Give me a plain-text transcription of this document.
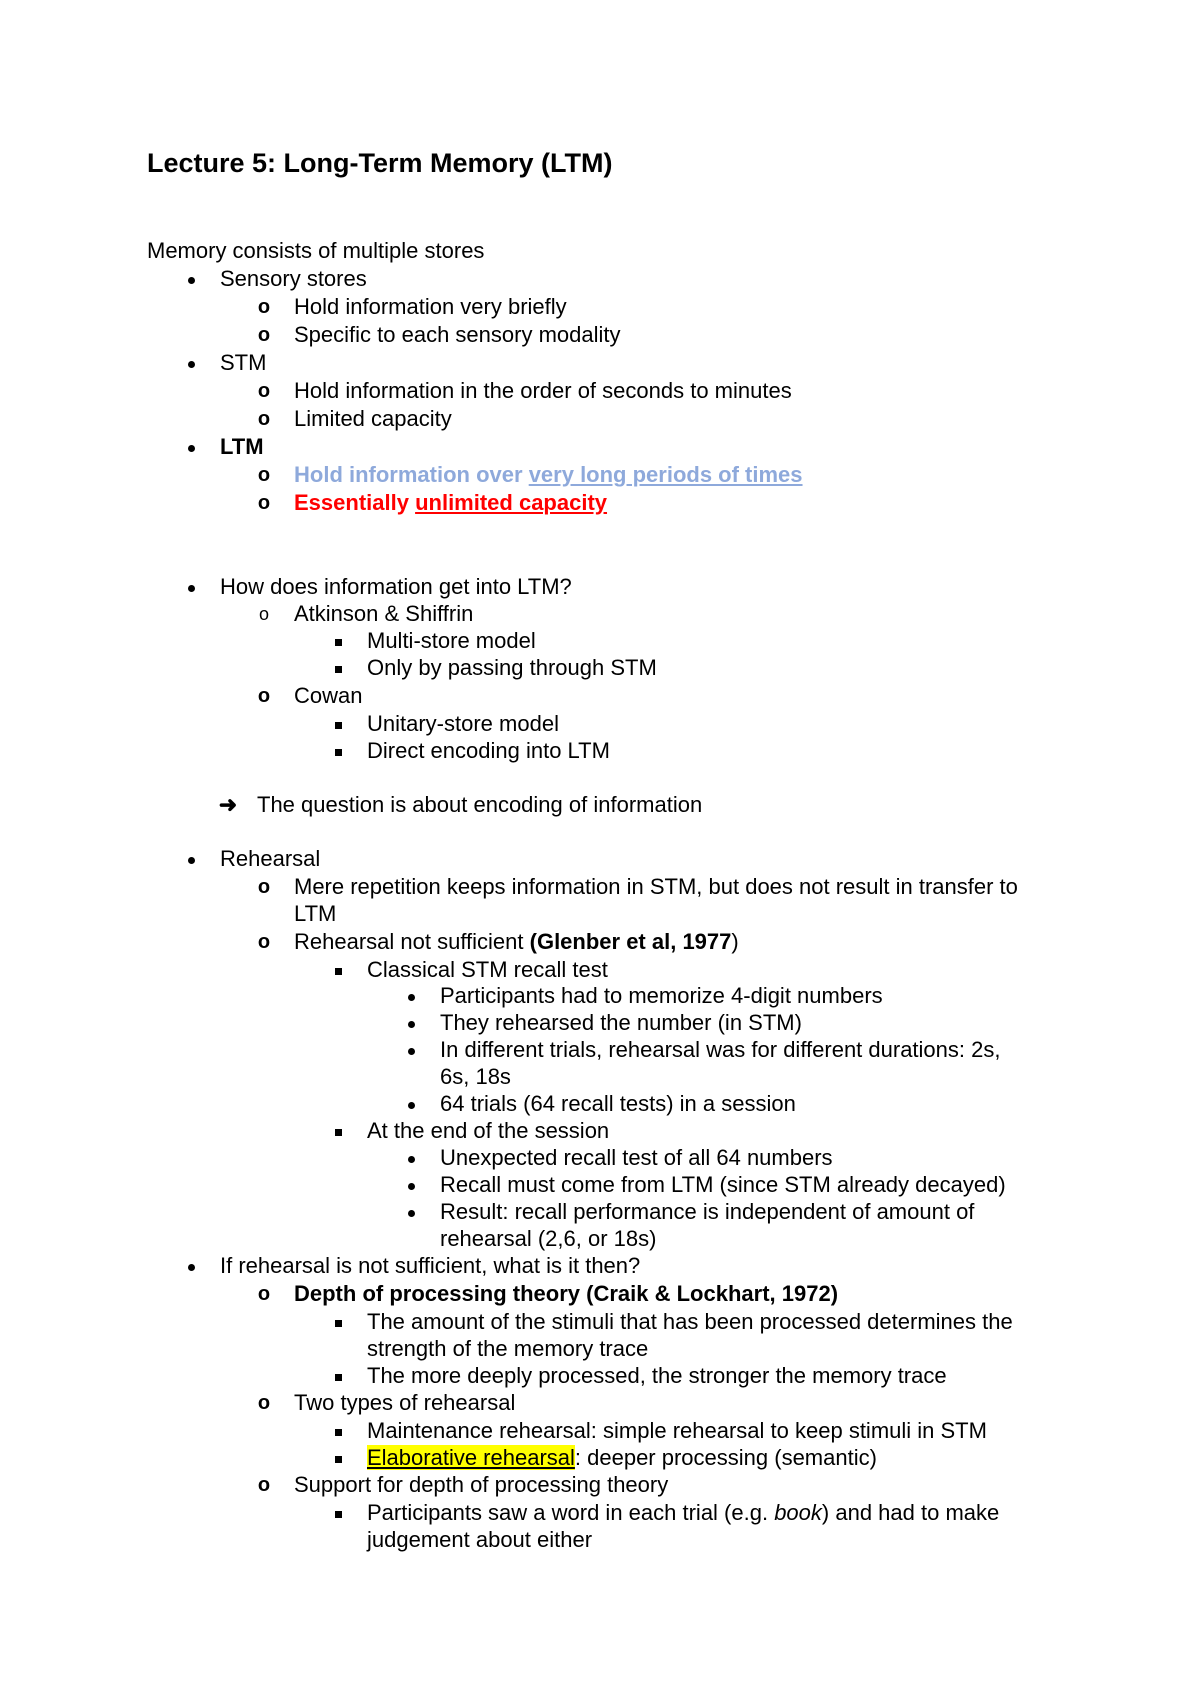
Lecture 5: Long-Term Memory (LTM)
Memory consists of multiple stores
Sensory stores
o Hold information very briefly
o Specific to each sensory modality
STM
o Hold information in the order of seconds to minutes
o Limited capacity
LTM
o Hold information over very long periods of times
o Essentially unlimited capacity
How does information get into LTM?
o Atkinson & Shiffrin
Multi-store model
Only by passing through STM
o Cowan
Unitary-store model
Direct encoding into LTM
➜ The question is about encoding of information
Rehearsal
o Mere repetition keeps information in STM, but does not result in transfer to
LTM
o Rehearsal not sufficient (Glenber et al, 1977)
Classical STM recall test
Participants had to memorize 4-digit numbers
They rehearsed the number (in STM)
In different trials, rehearsal was for different durations: 2s,
6s, 18s
64 trials (64 recall tests) in a session
At the end of the session
Unexpected recall test of all 64 numbers
Recall must come from LTM (since STM already decayed)
Result: recall performance is independent of amount of
rehearsal (2,6, or 18s)
If rehearsal is not sufficient, what is it then?
o Depth of processing theory (Craik & Lockhart, 1972)
The amount of the stimuli that has been processed determines the
strength of the memory trace
The more deeply processed, the stronger the memory trace
o Two types of rehearsal
Maintenance rehearsal: simple rehearsal to keep stimuli in STM
Elaborative rehearsal: deeper processing (semantic)
o Support for depth of processing theory
Participants saw a word in each trial (e.g. book) and had to make
judgement about either
